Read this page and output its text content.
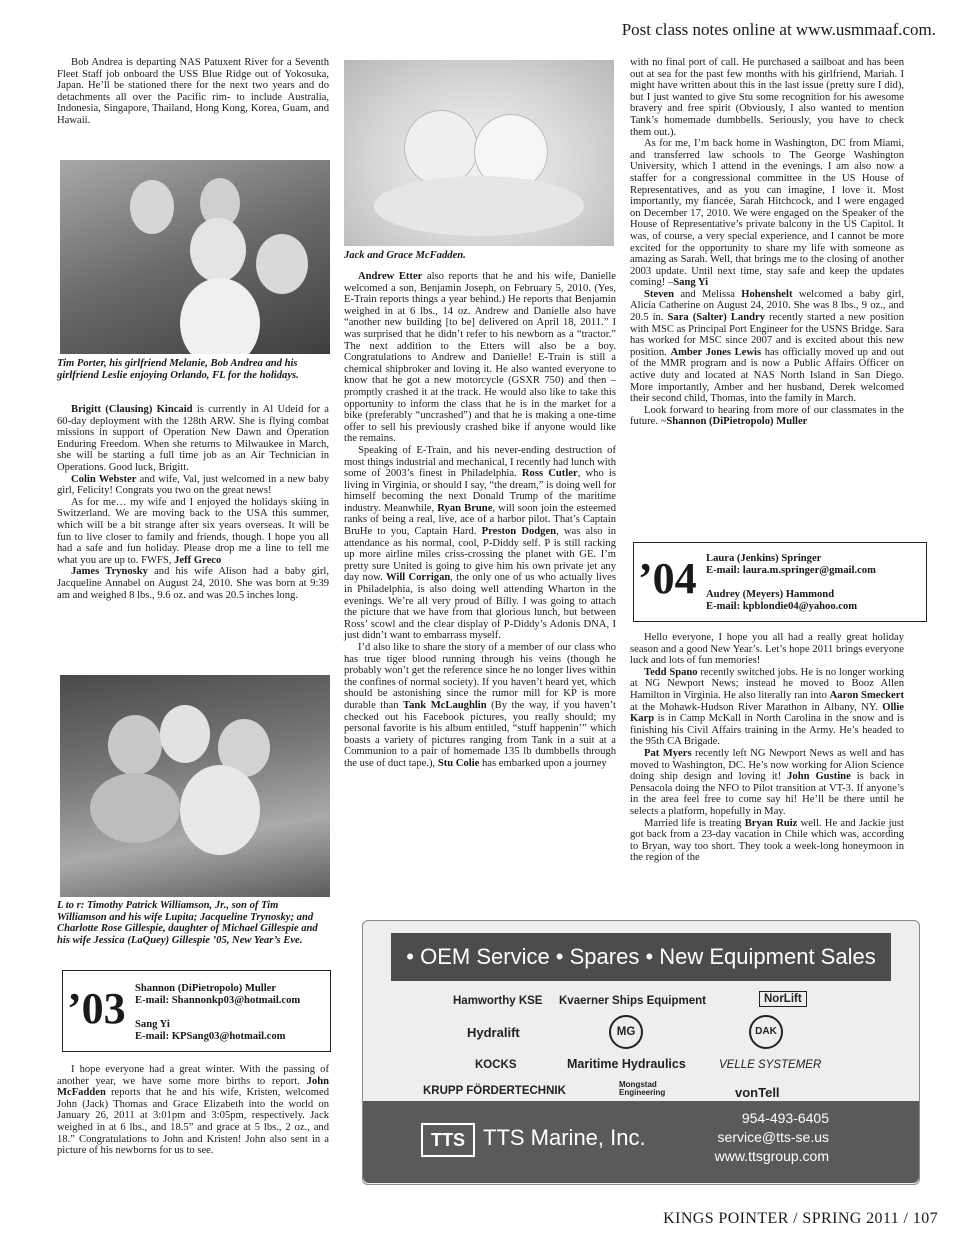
Post class notes online at www.usmmaaf.com.

Bob Andrea is departing NAS Patuxent River for a Seventh Fleet Staff job onboard the USS Blue Ridge out of Yokosuka, Japan. He’ll be stationed there for the next two years and do detachments all over the Pacific rim- to include Australia, Indonesia, Singapore, Thailand, Hong Kong, Korea, Guam, and Hawaii.

Tim Porter, his girlfriend Melanie, Bob Andrea and his girlfriend Leslie enjoying Orlando, FL for the holidays.

Brigitt (Clausing) Kincaid is currently in Al Udeid for a 60-day deployment with the 128th ARW. She is flying combat missions in support of Operation New Dawn and Operation Enduring Freedom. When she returns to Milwaukee in March, she will be starting a full time job as an Air Technician in Operations. Good luck, Brigitt.

Colin Webster and wife, Val, just welcomed in a new baby girl, Felicity! Congrats you two on the great news!

As for me… my wife and I enjoyed the holidays skiing in Switzerland. We are moving back to the USA this summer, which will be a bit strange after six years overseas. It will be fun to live closer to family and friends, though. I hope you all had a safe and fun holiday. Please drop me a line to tell me what you are up to. FWFS, Jeff Greco

James Trynosky and his wife Alison had a baby girl, Jacqueline Annabel on August 24, 2010. She was born at 9:39 am and weighed 8 lbs., 9.6 oz. and was 20.5 inches long.

L to r: Timothy Patrick Williamson, Jr., son of Tim Williamson and his wife Lupita; Jacqueline Trynosky; and Charlotte Rose Gillespie, daughter of Michael Gillespie and his wife Jessica (LaQuey) Gillespie ’05, New Year’s Eve.
’03 Shannon (DiPietropolo) Muller
E-mail: Shannonkp03@hotmail.com
Sang Yi
E-mail: KPSang03@hotmail.com

I hope everyone had a great winter. With the passing of another year, we have some more births to report. John McFadden reports that he and his wife, Kristen, welcomed John (Jack) Thomas and Grace Elizabeth into the world on January 26, 2011 at 3:01pm and 3:05pm, respectively. Jack weighed in at 6 lbs., and 18.5” and grace at 5 lbs., 2 oz., and 18.” Congratulations to John and Kristen! John also sent in a picture of his newborns for us to see.

Jack and Grace McFadden.

Andrew Etter also reports that he and his wife, Danielle welcomed a son, Benjamin Joseph, on February 5, 2010. (Yes, E-Train reports things a year behind.) He reports that Benjamin weighed in at 6 lbs., 14 oz. Andrew and Danielle also have “another new building [to be] delivered on April 18, 2011.” I was surprised that he didn’t refer to his newborn as a “tractor.” The next addition to the Etters will also be a boy. Congratulations to Andrew and Danielle! E-Train is still a chemical shipbroker and loving it. He also wanted everyone to know that he got a new motorcycle (GSXR 750) and then – promptly crashed it at the track. He would also like to take this opportunity to inform the class that he is in the market for a bike (preferably “uncrashed”) and that he is making a one-time offer to sell his previously crashed bike if anyone would like the remains.

Speaking of E-Train, and his never-ending destruction of most things industrial and mechanical, I recently had lunch with some of 2003’s finest in Philadelphia. Ross Cutler, who is living in Virginia, or should I say, “the dream,” is doing well for himself becoming the next Donald Trump of the maritime industry. Meanwhile, Ryan Brune, will soon join the esteemed ranks of being a real, live, ace of a harbor pilot. That’s Captain BruHe to you, Captain Hard. Preston Dodgen, was also in attendance as his normal, cool, P-Diddy self. P is still racking up more airline miles criss-crossing the planet with GE. I’m pretty sure United is going to give him his own private jet any day now. Will Corrigan, the only one of us who actually lives in Philadelphia, is also doing well attending Wharton in the evenings. We’re all very proud of Billy. I was going to attach the picture that we have from that glorious lunch, but between Ross’ scowl and the clear display of P-Diddy’s Adonis DNA, I just didn’t want to embarrass myself.

I’d also like to share the story of a member of our class who has true tiger blood running through his veins (though he probably won’t get the reference since he no longer lives within the confines of normal society). If you haven’t heard yet, which should be astonishing since the rumor mill for KP is more durable than Tank McLaughlin (By the way, if you haven’t checked out his Facebook pictures, you really should; my personal favorite is his album entitled, “stuff happenin’” which boasts a variety of pictures ranging from Tank in a suit at a Communion to a pair of homemade 135 lb dumbbells through the use of duct tape.), Stu Colie has embarked upon a journey

with no final port of call. He purchased a sailboat and has been out at sea for the past few months with his girlfriend, Mariah. I might have written about this in the last issue (pretty sure I did), but I just wanted to give Stu some recognition for his awesome bravery and free spirit (Obviously, I also wanted to mention Tank’s homemade dumbbells. Seriously, you have to check them out.).

As for me, I’m back home in Washington, DC from Miami, and transferred law schools to The George Washington University, which I attend in the evenings. I am also now a staffer for a congressional committee in the US House of Representatives, and as you can imagine, I love it. Most importantly, my fiancée, Sarah Hitchcock, and I were engaged on December 17, 2010. We were engaged on the Speaker of the House of Representative’s private balcony in the US Capitol. It was, of course, a very special experience, and I cannot be more excited for the opportunity to share my life with someone as amazing as Sarah. Well, that brings me to the closing of another 2003 update. Until next time, stay safe and keep the updates coming! –Sang Yi

Steven and Melissa Hohenshelt welcomed a baby girl, Alicia Catherine on August 24, 2010. She was 8 lbs., 9 oz., and 20.5 in. Sara (Salter) Landry recently started a new position with MSC as Principal Port Engineer for the USNS Bridge. Sara has worked for MSC since 2007 and is excited about this new position. Amber Jones Lewis has officially moved up and out of the MMR program and is now a Public Affairs Officer on active duty and located at NAS North Island in San Diego. More importantly, Amber and her husband, Derek welcomed their second child, Thomas, into the family in March.

Look forward to hearing from more of our classmates in the future. ~Shannon (DiPietropolo) Muller

’04 Laura (Jenkins) Springer
E-mail: laura.m.springer@gmail.com
Audrey (Meyers) Hammond
E-mail: kpblondie04@yahoo.com

Hello everyone, I hope you all had a really great holiday season and a good New Year’s. Let’s hope 2011 brings everyone luck and lots of fun memories!

Tedd Spano recently switched jobs. He is no longer working at NG Newport News; instead he moved to Booz Allen Hamilton in Virginia. He also literally ran into Aaron Smeckert at the Mohawk-Hudson River Marathon in Albany, NY. Ollie Karp is in Camp McKall in North Carolina in the snow and is finishing his Civil Affairs training in the Army. He’s headed to the 95th CA Brigade.

Pat Myers recently left NG Newport News as well and has moved to Washington, DC. He’s now working for Alion Science doing ship design and loving it! John Gustine is back in Pensacola doing the NFO to Pilot transition at VT-3. If anyone’s in the area feel free to come say hi! He’ll be there until he selects a platform, hopefully in May.

Married life is treating Bryan Ruiz well. He and Jackie just got back from a 23-day vacation in Chile which was, according to Bryan, way too short. They took a week-long honeymoon in the region of the

• OEM Service • Spares • New Equipment Sales
Hamworthy KSE Kvaerner Ships Equipment	NorLift
Hydralift	MG	DAK
KOCKS	Maritime Hydraulics	VELLE SYSTEMER
KRUPP FÖRDERTECHNIK
Mongstad Engineering	vonTell
TTS TTS Marine, Inc.
954-493-6405
service@tts-se.us
www.ttsgroup.com
KINGS POINTER / SPRING 2011 / 107
